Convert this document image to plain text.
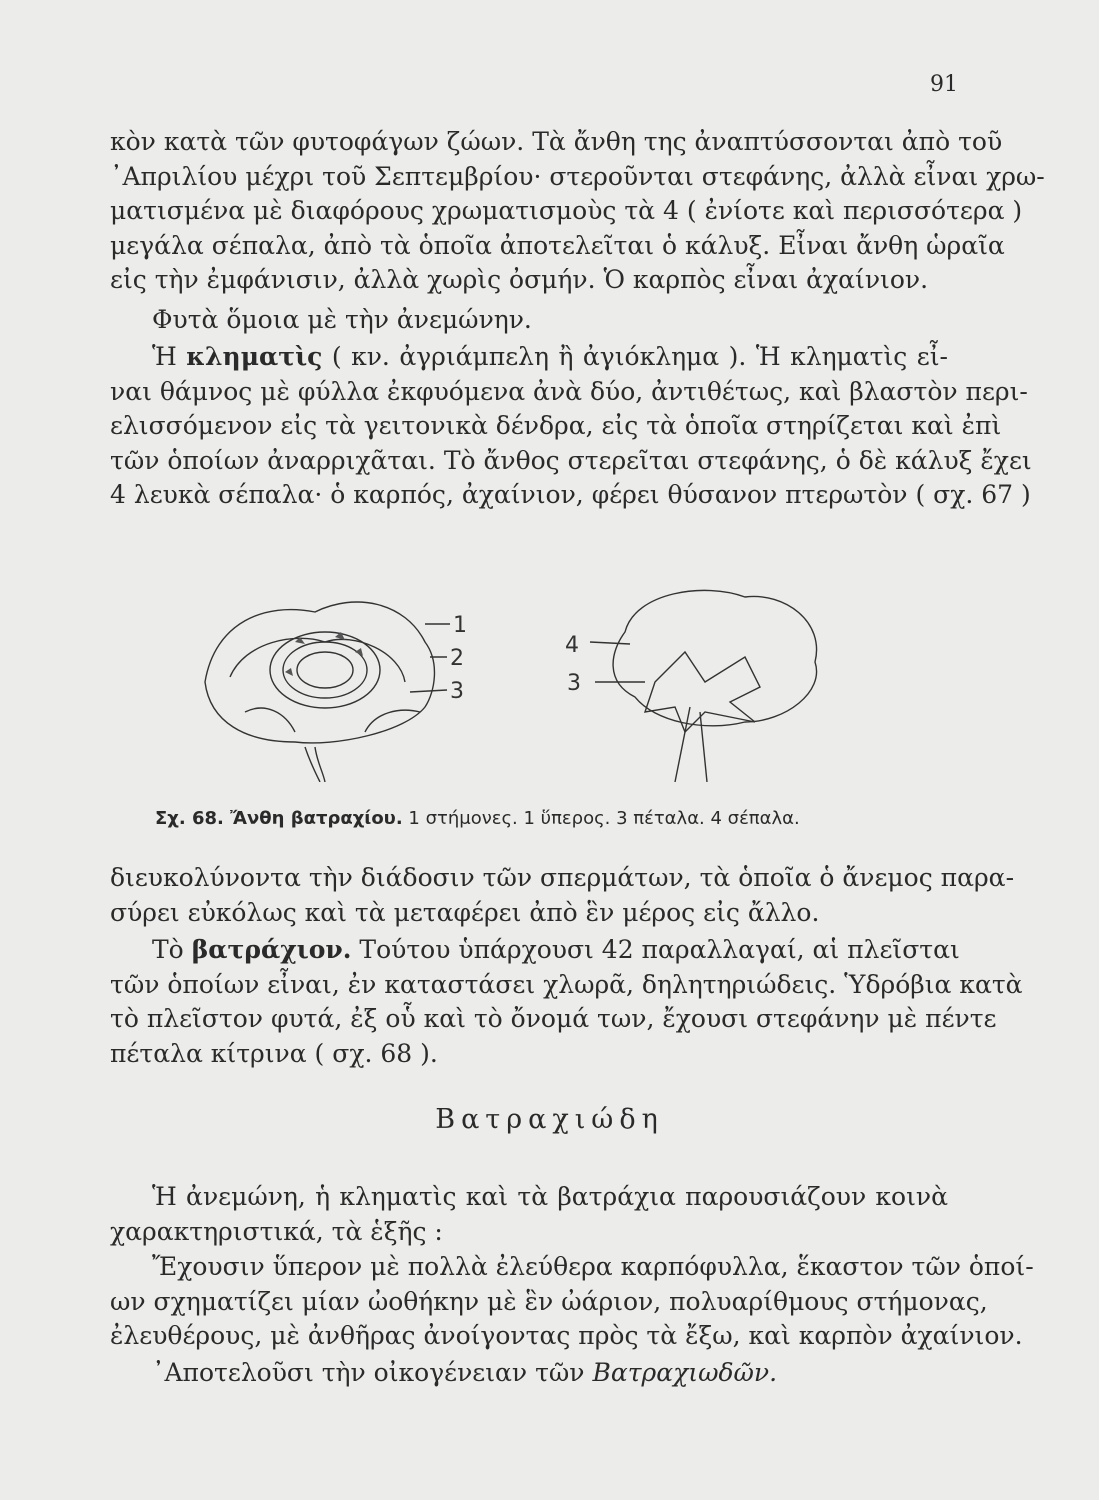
91
κὸν κατὰ τῶν φυτοφάγων ζώων. Τὰ ἄνθη της ἀναπτύσσονται ἀπὸ τοῦ
᾿Απριλίου μέχρι τοῦ Σεπτεμβρίου· στεροῦνται στεφάνης, ἀλλὰ εἶναι χρω-
ματισμένα μὲ διαφόρους χρωματισμοὺς τὰ 4 ( ἐνίοτε καὶ περισσότερα )
μεγάλα σέπαλα, ἀπὸ τὰ ὁποῖα ἀποτελεῖται ὁ κάλυξ. Εἶναι ἄνθη ὡραῖα
εἰς τὴν ἐμφάνισιν, ἀλλὰ χωρὶς ὀσμήν. Ὁ καρπὸς εἶναι ἀχαίνιον.
Φυτὰ ὅμοια μὲ τὴν ἀνεμώνην.
Ἡ κληματὶς ( κν. ἀγριάμπελη ἢ ἀγιόκλημα ). Ἡ κληματὶς εἶ-
ναι θάμνος μὲ φύλλα ἐκφυόμενα ἀνὰ δύο, ἀντιθέτως, καὶ βλαστὸν περι-
ελισσόμενον εἰς τὰ γειτονικὰ δένδρα, εἰς τὰ ὁποῖα στηρίζεται καὶ ἐπὶ
τῶν ὁποίων ἀναρριχᾶται. Τὸ ἄνθος στερεῖται στεφάνης, ὁ δὲ κάλυξ ἔχει
4 λευκὰ σέπαλα· ὁ καρπός, ἀχαίνιον, φέρει θύσανον πτερωτὸν ( σχ. 67 )
1
2
3
4
3
Σχ. 68. Ἄνθη βατραχίου. 1 στήμονες. 1 ὕπερος. 3 πέταλα. 4 σέπαλα.
διευκολύνοντα τὴν διάδοσιν τῶν σπερμάτων, τὰ ὁποῖα ὁ ἄνεμος παρα-
σύρει εὐκόλως καὶ τὰ μεταφέρει ἀπὸ ἓν μέρος εἰς ἄλλο.
Τὸ βατράχιον. Τούτου ὑπάρχουσι 42 παραλλαγαί, αἱ πλεῖσται
τῶν ὁποίων εἶναι, ἐν καταστάσει χλωρᾶ, δηλητηριώδεις. Ὑδρόβια κατὰ
τὸ πλεῖστον φυτά, ἐξ οὗ καὶ τὸ ὄνομά των, ἔχουσι στεφάνην μὲ πέντε
πέταλα κίτρινα ( σχ. 68 ).
Βατραχιώδη
Ἡ ἀνεμώνη, ἡ κληματὶς καὶ τὰ βατράχια παρουσιάζουν κοινὰ
χαρακτηριστικά, τὰ ἑξῆς :
Ἔχουσιν ὕπερον μὲ πολλὰ ἐλεύθερα καρπόφυλλα, ἕκαστον τῶν ὁποί-
ων σχηματίζει μίαν ὠοθήκην μὲ ἓν ὠάριον, πολυαρίθμους στήμονας,
ἐλευθέρους, μὲ ἀνθῆρας ἀνοίγοντας πρὸς τὰ ἔξω, καὶ καρπὸν ἀχαίνιον.
᾿Αποτελοῦσι τὴν οἰκογένειαν τῶν Βατραχιωδῶν.
